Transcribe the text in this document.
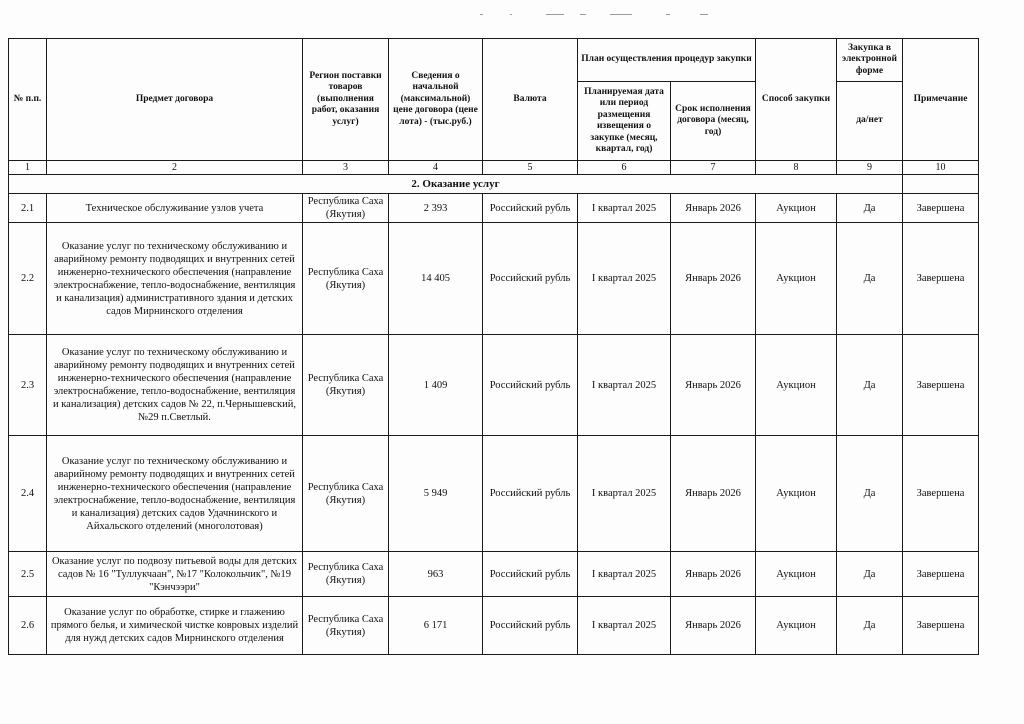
№ п.п.	Предмет договора	Регион поставки товаров (выполнения работ, оказания услуг)	Сведения о начальной (максимальной) цене договора (цене лота) - (тыс.руб.)	Валюта	План осуществления процедур закупки		Способ закупки	Закупка в электронной форме	Примечание
					Планируемая дата или период размещения извещения о закупке (месяц, квартал, год)	Срок исполнения договора (месяц, год)		да/нет	
1	2	3	4	5	6	7	8	9	10
2. Оказание услуг									
2.1	Техническое обслуживание узлов учета	Республика Саха (Якутия)	2 393	Российский рубль	I квартал 2025	Январь 2026	Аукцион	Да	Завершена
2.2	Оказание услуг по техническому обслуживанию и аварийному ремонту подводящих и внутренних сетей инженерно-технического обеспечения (направление электроснабжение, тепло-водоснабжение, вентиляция и канализация) административного здания и детских садов Мирнинского отделения	Республика Саха (Якутия)	14 405	Российский рубль	I квартал 2025	Январь 2026	Аукцион	Да	Завершена
2.3	Оказание услуг по техническому обслуживанию и аварийному ремонту подводящих и внутренних сетей инженерно-технического обеспечения (направление электроснабжение, тепло-водоснабжение, вентиляция и канализация) детских садов № 22, п.Чернышевский, №29 п.Светлый.	Республика Саха (Якутия)	1 409	Российский рубль	I квартал 2025	Январь 2026	Аукцион	Да	Завершена
2.4	Оказание услуг по техническому обслуживанию и аварийному ремонту подводящих и внутренних сетей инженерно-технического обеспечения (направление электроснабжение, тепло-водоснабжение, вентиляция и канализация) детских садов Удачнинского и Айхальского отделений (многолотовая)	Республика Саха (Якутия)	5 949	Российский рубль	I квартал 2025	Январь 2026	Аукцион	Да	Завершена
2.5	Оказание услуг по подвозу питьевой воды для детских садов № 16 "Туллукчаан", №17 "Колокольчик", №19 "Кэнчээри"	Республика Саха (Якутия)	963	Российский рубль	I квартал 2025	Январь 2026	Аукцион	Да	Завершена
2.6	Оказание услуг по обработке, стирке и глажению прямого белья, и химической чистке ковровых изделий для нужд детских садов Мирнинского отделения	Республика Саха (Якутия)	6 171	Российский рубль	I квартал 2025	Январь 2026	Аукцион	Да	Завершена
